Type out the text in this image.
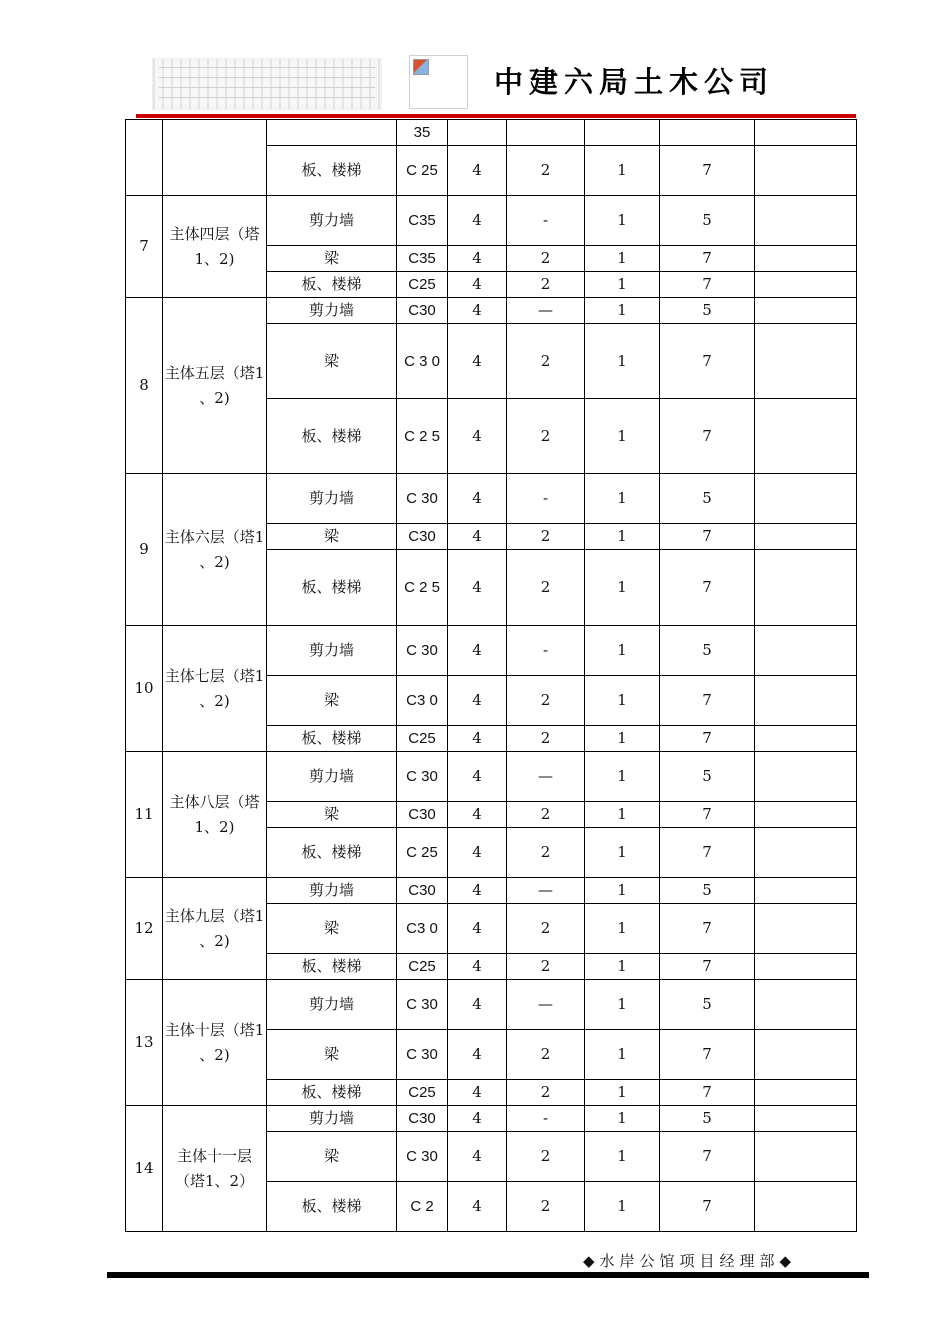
中建六局土木公司
			35					
		板、楼梯	C 25	4	2	1	7	
7	主体四层（塔1、2)	剪力墙	C35	4	-	1	5	
		梁	C35	4	2	1	7	
		板、楼梯	C25	4	2	1	7	
8	主体五层（塔1 、2)	剪力墙	C30	4	—	1	5	
		梁	C 3 0	4	2	1	7	
		板、楼梯	C 2 5	4	2	1	7	
9	主体六层（塔1 、2)	剪力墙	C 30	4	-	1	5	
		梁	C30	4	2	1	7	
		板、楼梯	C 2 5	4	2	1	7	
10	主体七层（塔1 、2)	剪力墙	C 30	4	-	1	5	
		梁	C3 0	4	2	1	7	
		板、楼梯	C25	4	2	1	7	
11	主体八层（塔1、2)	剪力墙	C 30	4	—	1	5	
		梁	C30	4	2	1	7	
		板、楼梯	C 25	4	2	1	7	
12	主体九层（塔1 、2)	剪力墙	C30	4	—	1	5	
		梁	C3 0	4	2	1	7	
		板、楼梯	C25	4	2	1	7	
13	主体十层（塔1 、2)	剪力墙	C 30	4	—	1	5	
		梁	C 30	4	2	1	7	
		板、楼梯	C25	4	2	1	7	
14	主体十一层（塔1、2）	剪力墙	C30	4	-	1	5	
		梁	C 30	4	2	1	7	
		板、楼梯	C 2	4	2	1	7	
◆水岸公馆项目经理部◆
